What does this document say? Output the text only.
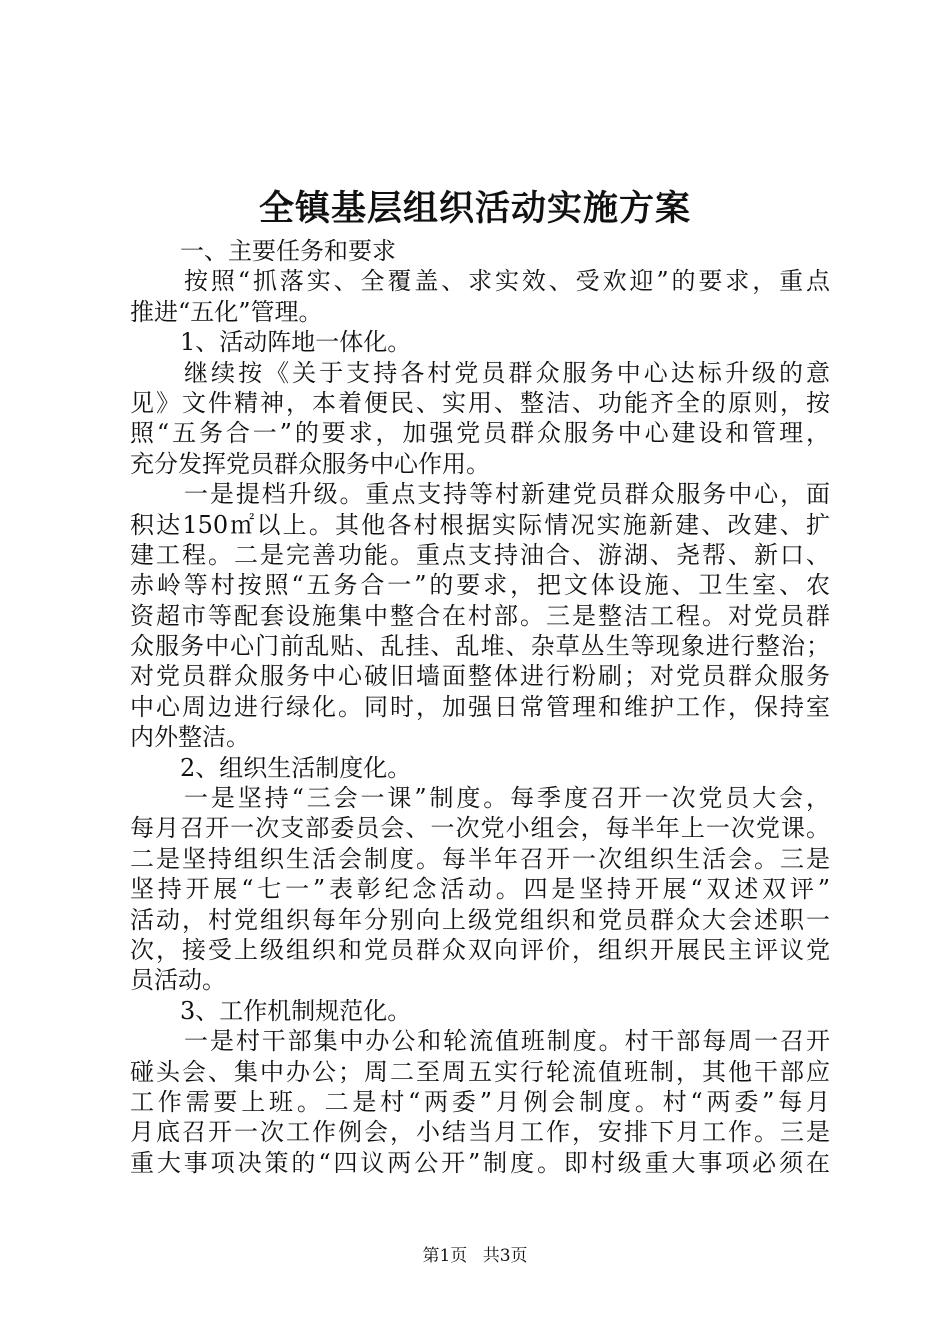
全镇基层组织活动实施方案
一、主要任务和要求
按照“抓落实、全覆盖、求实效、受欢迎”的要求，重点
推进“五化”管理。
1、活动阵地一体化。
继续按《关于支持各村党员群众服务中心达标升级的意
见》文件精神，本着便民、实用、整洁、功能齐全的原则，按
照“五务合一”的要求，加强党员群众服务中心建设和管理，
充分发挥党员群众服务中心作用。
一是提档升级。重点支持等村新建党员群众服务中心，面
积达150㎡以上。其他各村根据实际情况实施新建、改建、扩
建工程。二是完善功能。重点支持油合、游湖、尧帮、新口、
赤岭等村按照“五务合一”的要求，把文体设施、卫生室、农
资超市等配套设施集中整合在村部。三是整洁工程。对党员群
众服务中心门前乱贴、乱挂、乱堆、杂草丛生等现象进行整治；
对党员群众服务中心破旧墙面整体进行粉刷；对党员群众服务
中心周边进行绿化。同时，加强日常管理和维护工作，保持室
内外整洁。
2、组织生活制度化。
一是坚持“三会一课”制度。每季度召开一次党员大会，
每月召开一次支部委员会、一次党小组会，每半年上一次党课。
二是坚持组织生活会制度。每半年召开一次组织生活会。三是
坚持开展“七一”表彰纪念活动。四是坚持开展“双述双评”
活动，村党组织每年分别向上级党组织和党员群众大会述职一
次，接受上级组织和党员群众双向评价，组织开展民主评议党
员活动。
3、工作机制规范化。
一是村干部集中办公和轮流值班制度。村干部每周一召开
碰头会、集中办公；周二至周五实行轮流值班制，其他干部应
工作需要上班。二是村“两委”月例会制度。村“两委”每月
月底召开一次工作例会，小结当月工作，安排下月工作。三是
重大事项决策的“四议两公开”制度。即村级重大事项必须在
第1页 共3页
